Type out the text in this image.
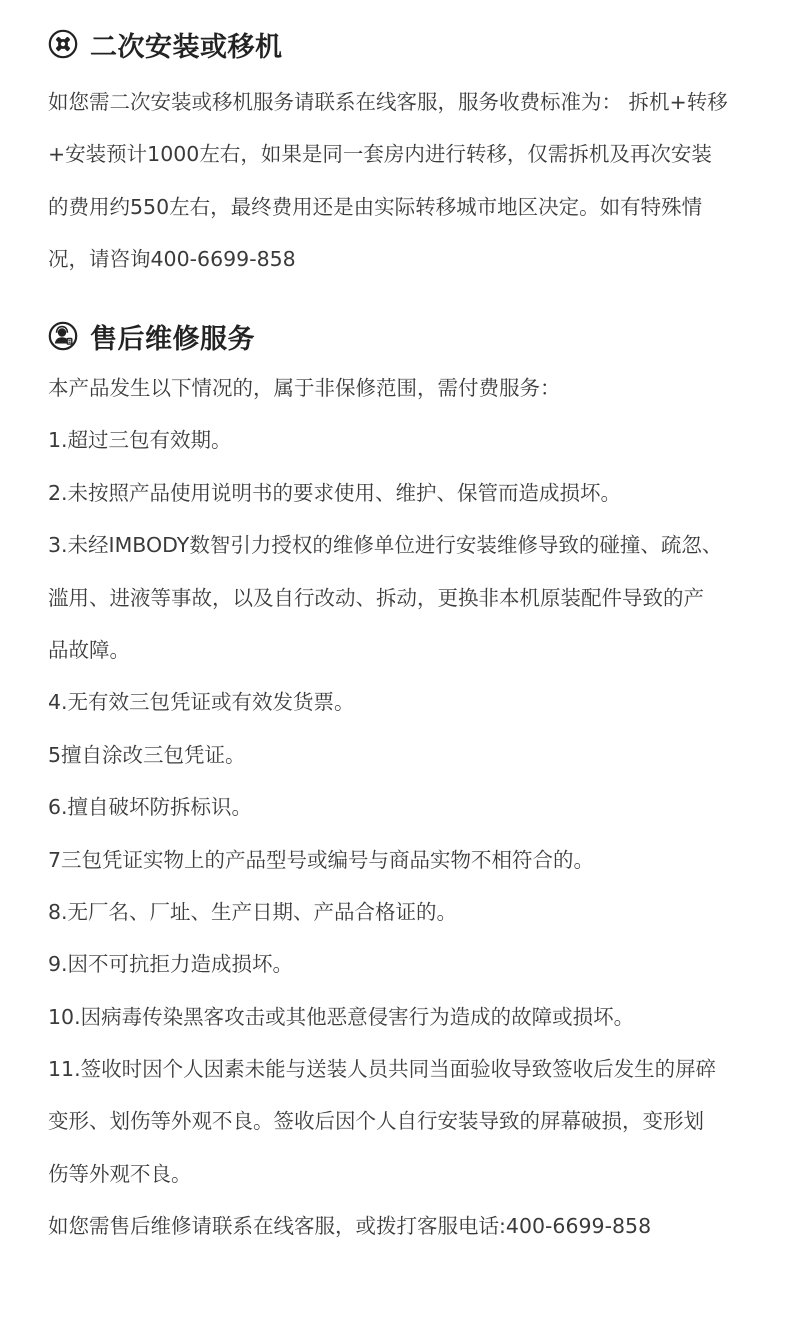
二次安装或移机
如您需二次安装或移机服务请联系在线客服，服务收费标准为： 拆机+转移
+安装预计1000左右，如果是同一套房内进行转移，仅需拆机及再次安装
的费用约550左右，最终费用还是由实际转移城市地区决定。如有特殊情
况，请咨询400-6699-858
售后维修服务
本产品发生以下情况的，属于非保修范围，需付费服务：
1.超过三包有效期。
2.未按照产品使用说明书的要求使用、维护、保管而造成损坏。
3.未经IMBODY数智引力授权的维修单位进行安装维修导致的碰撞、疏忽、
滥用、进液等事故，以及自行改动、拆动，更换非本机原装配件导致的产
品故障。
4.无有效三包凭证或有效发货票。
5擅自涂改三包凭证。
6.擅自破坏防拆标识。
7三包凭证实物上的产品型号或编号与商品实物不相符合的。
8.无厂名、厂址、生产日期、产品合格证的。
9.因不可抗拒力造成损坏。
10.因病毒传染黑客攻击或其他恶意侵害行为造成的故障或损坏。
11.签收时因个人因素未能与送装人员共同当面验收导致签收后发生的屏碎
变形、划伤等外观不良。签收后因个人自行安装导致的屏幕破损，变形划
伤等外观不良。
如您需售后维修请联系在线客服，或拨打客服电话:400-6699-858
